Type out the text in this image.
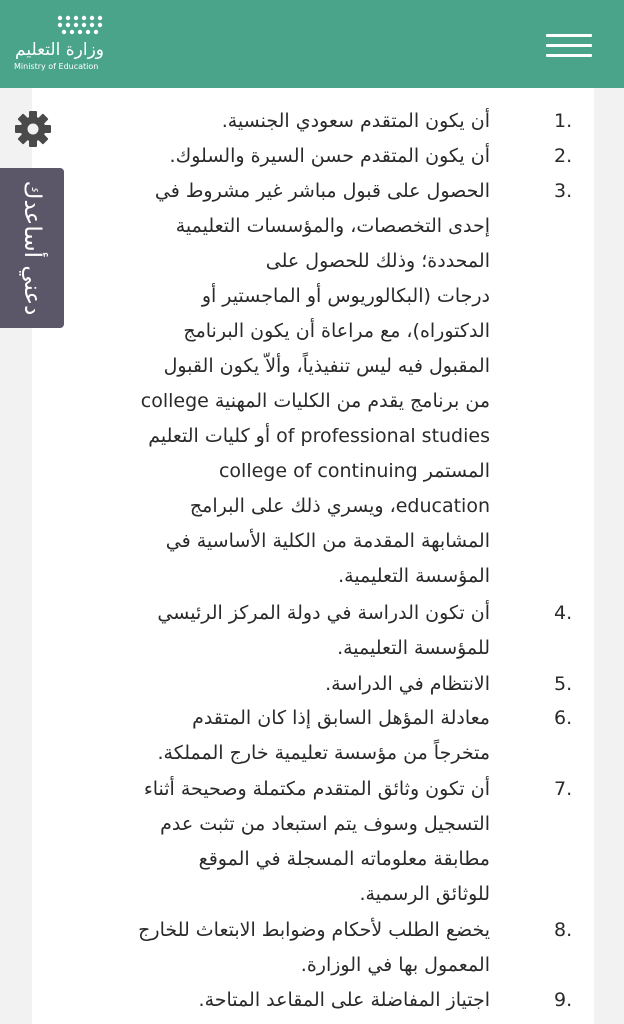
وزارة التعليم
Ministry of Education
دعني أساعدك
1.
أن يكون المتقدم سعودي الجنسية.
2.
أن يكون المتقدم حسن السيرة والسلوك.
3.
الحصول على قبول مباشر غير مشروط في
إحدى التخصصات، والمؤسسات التعليمية
المحددة؛ وذلك للحصول على
درجات (البكالوريوس أو الماجستير أو
الدكتوراه)، مع مراعاة أن يكون البرنامج
المقبول فيه ليس تنفيذياً، وألاّ يكون القبول
من برنامج يقدم من الكليات المهنية college
of professional studies أو كليات التعليم
المستمر college of continuing
education، ويسري ذلك على البرامج
المشابهة المقدمة من الكلية الأساسية في
المؤسسة التعليمية.
4.
أن تكون الدراسة في دولة المركز الرئيسي
للمؤسسة التعليمية.
5.
الانتظام في الدراسة.
6.
معادلة المؤهل السابق إذا كان المتقدم
متخرجاً من مؤسسة تعليمية خارج المملكة.
7.
أن تكون وثائق المتقدم مكتملة وصحيحة أثناء
التسجيل وسوف يتم استبعاد من تثبت عدم
مطابقة معلوماته المسجلة في الموقع
للوثائق الرسمية.
8.
يخضع الطلب لأحكام وضوابط الابتعاث للخارج
المعمول بها في الوزارة.
9.
اجتياز المفاضلة على المقاعد المتاحة.
